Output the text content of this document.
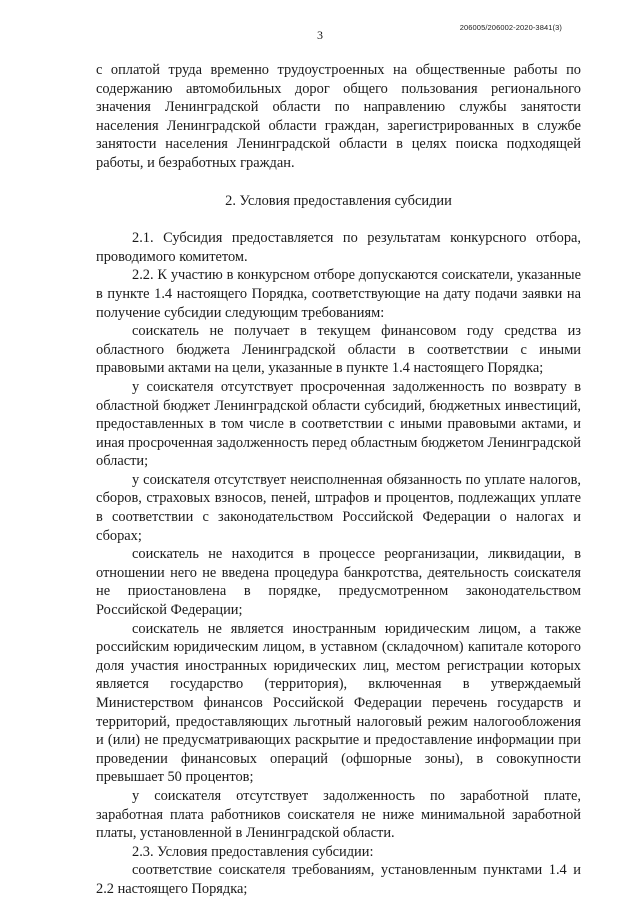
3
206005/206002-2020-3841(3)

с оплатой труда временно трудоустроенных на общественные работы по содержанию автомобильных дорог общего пользования регионального значения Ленинградской области по направлению службы занятости населения Ленинградской области граждан, зарегистрированных в службе занятости населения Ленинградской области в целях поиска подходящей работы, и безработных граждан.

2. Условия предоставления субсидии

2.1. Субсидия предоставляется по результатам конкурсного отбора, проводимого комитетом.

2.2. К участию в конкурсном отборе допускаются соискатели, указанные в пункте 1.4 настоящего Порядка, соответствующие на дату подачи заявки на получение субсидии следующим требованиям:

соискатель не получает в текущем финансовом году средства из областного бюджета Ленинградской области в соответствии с иными правовыми актами на цели, указанные в пункте 1.4 настоящего Порядка;

у соискателя отсутствует просроченная задолженность по возврату в областной бюджет Ленинградской области субсидий, бюджетных инвестиций, предоставленных в том числе в соответствии с иными правовыми актами, и иная просроченная задолженность перед областным бюджетом Ленинградской области;

у соискателя отсутствует неисполненная обязанность по уплате налогов, сборов, страховых взносов, пеней, штрафов и процентов, подлежащих уплате в соответствии с законодательством Российской Федерации о налогах и сборах;

соискатель не находится в процессе реорганизации, ликвидации, в отношении него не введена процедура банкротства, деятельность соискателя не приостановлена в порядке, предусмотренном законодательством Российской Федерации;

соискатель не является иностранным юридическим лицом, а также российским юридическим лицом, в уставном (складочном) капитале которого доля участия иностранных юридических лиц, местом регистрации которых является государство (территория), включенная в утверждаемый Министерством финансов Российской Федерации перечень государств и территорий, предоставляющих льготный налоговый режим налогообложения и (или) не предусматривающих раскрытие и предоставление информации при проведении финансовых операций (офшорные зоны), в совокупности превышает 50 процентов;

у соискателя отсутствует задолженность по заработной плате, заработная плата работников соискателя не ниже минимальной заработной платы, установленной в Ленинградской области.

2.3. Условия предоставления субсидии:

соответствие соискателя требованиям, установленным пунктами 1.4 и 2.2 настоящего Порядка;
